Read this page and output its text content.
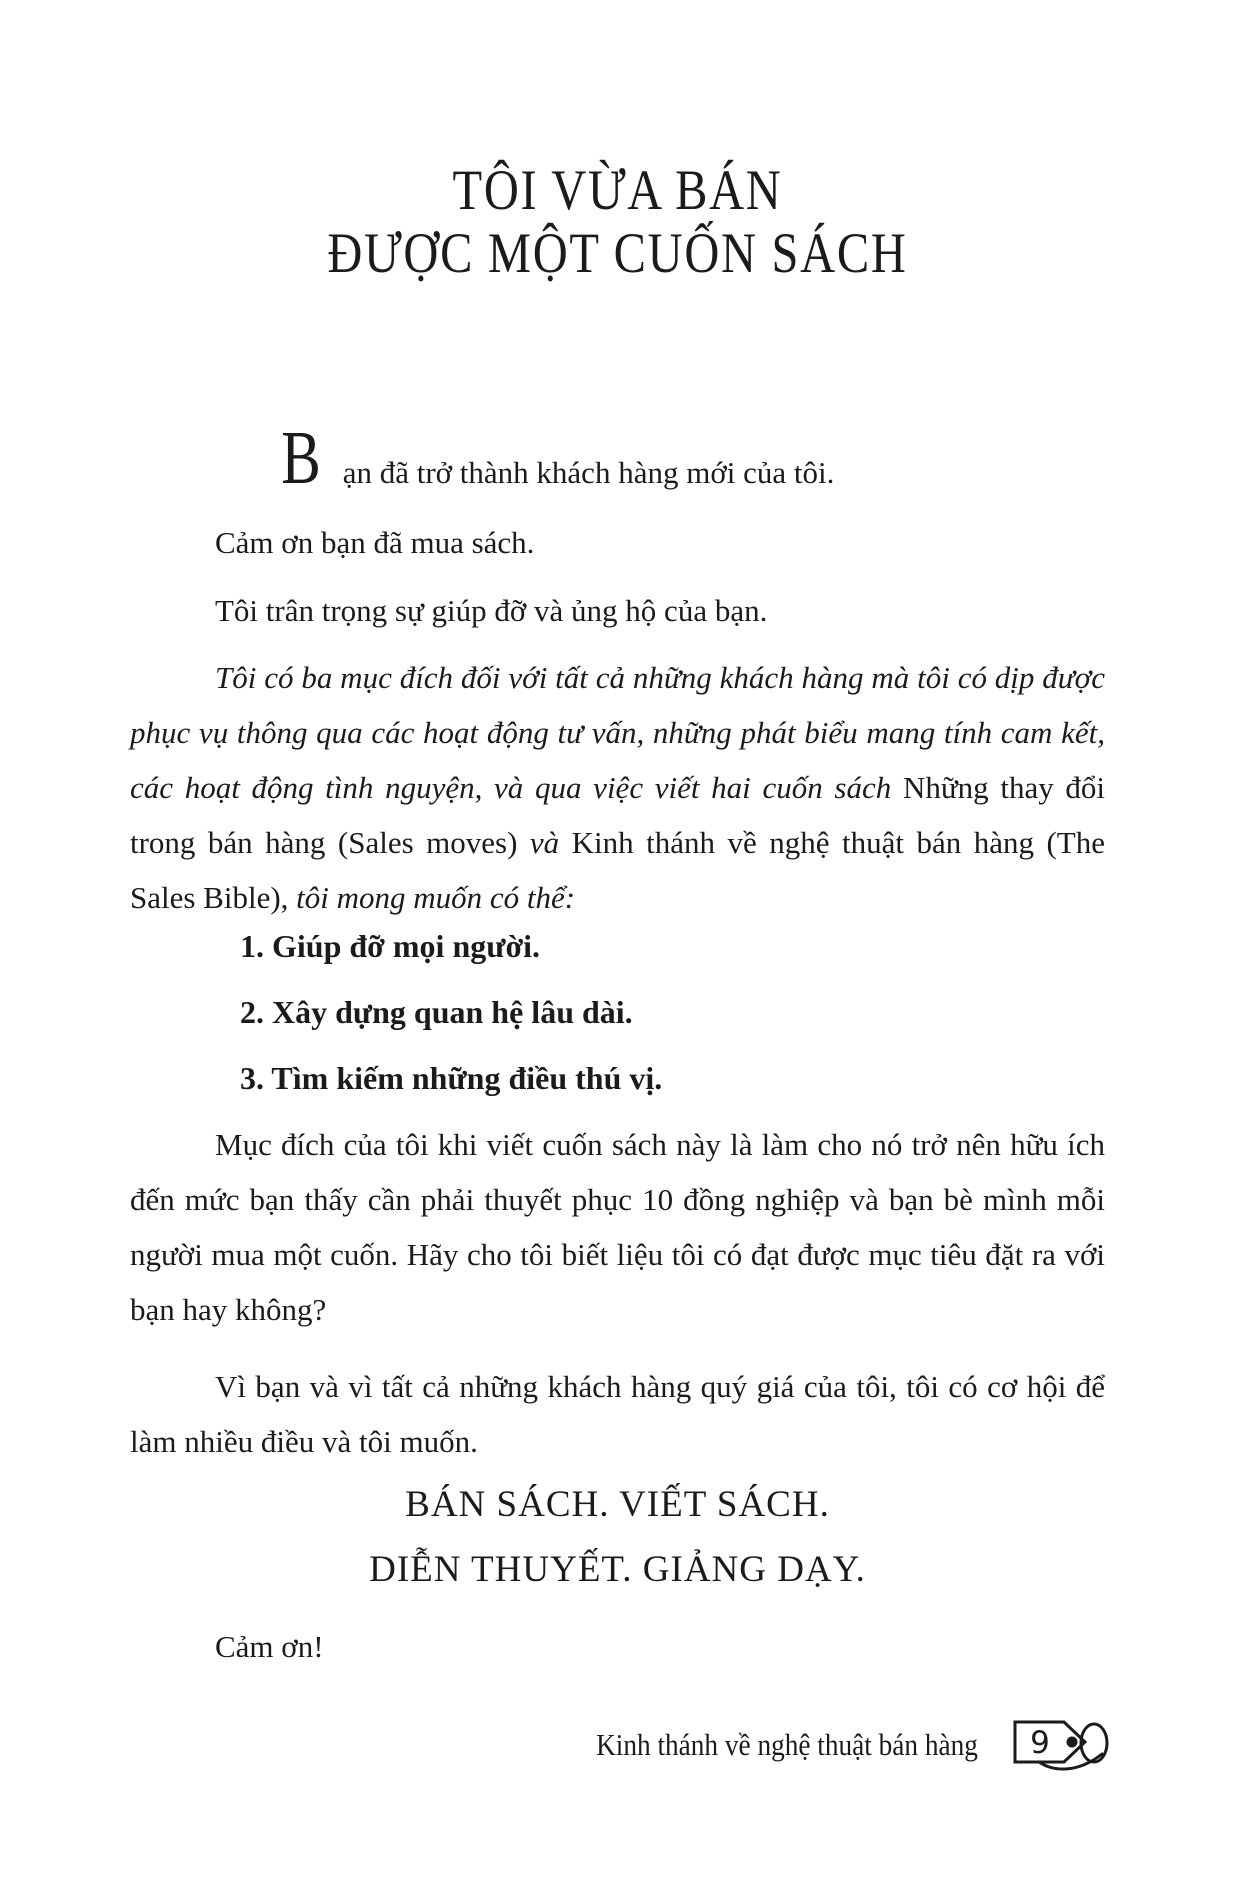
TÔI VỪA BÁN
ĐƯỢC MỘT CUỐN SÁCH

Bạn đã trở thành khách hàng mới của tôi.

Cảm ơn bạn đã mua sách.

Tôi trân trọng sự giúp đỡ và ủng hộ của bạn.

Tôi có ba mục đích đối với tất cả những khách hàng mà tôi có dịp được phục vụ thông qua các hoạt động tư vấn, những phát biểu mang tính cam kết, các hoạt động tình nguyện, và qua việc viết hai cuốn sách Những thay đổi trong bán hàng (Sales moves) và Kinh thánh về nghệ thuật bán hàng (The Sales Bible), tôi mong muốn có thể:

1. Giúp đỡ mọi người.
2. Xây dựng quan hệ lâu dài.
3. Tìm kiếm những điều thú vị.

Mục đích của tôi khi viết cuốn sách này là làm cho nó trở nên hữu ích đến mức bạn thấy cần phải thuyết phục 10 đồng nghiệp và bạn bè mình mỗi người mua một cuốn. Hãy cho tôi biết liệu tôi có đạt được mục tiêu đặt ra với bạn hay không?

Vì bạn và vì tất cả những khách hàng quý giá của tôi, tôi có cơ hội để làm nhiều điều và tôi muốn.

BÁN SÁCH. VIẾT SÁCH.

DIỄN THUYẾT. GIẢNG DẠY.

Cảm ơn!

Kinh thánh về nghệ thuật bán hàng 9
